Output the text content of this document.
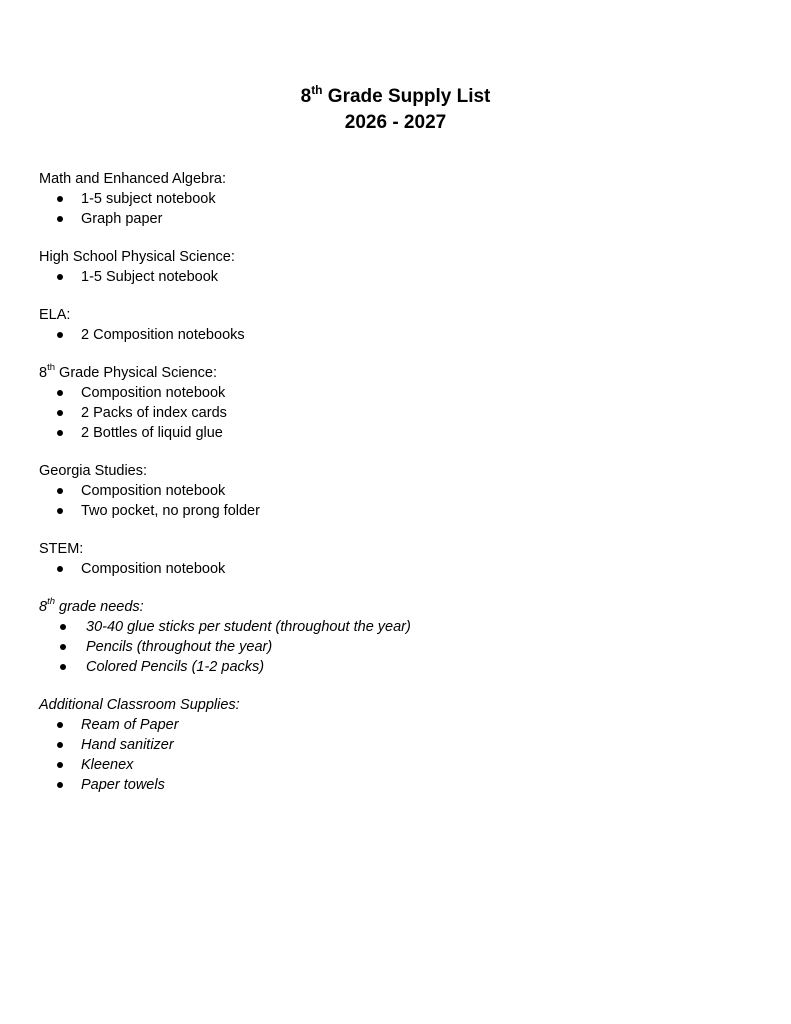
8th Grade Supply List
2026 - 2027
Math and Enhanced Algebra:
1-5 subject notebook
Graph paper
High School Physical Science:
1-5 Subject notebook
ELA:
2 Composition notebooks
8th Grade Physical Science:
Composition notebook
2 Packs of index cards
2 Bottles of liquid glue
Georgia Studies:
Composition notebook
Two pocket, no prong folder
STEM:
Composition notebook
8th grade needs:
30-40 glue sticks per student (throughout the year)
Pencils (throughout the year)
Colored Pencils (1-2 packs)
Additional Classroom Supplies:
Ream of Paper
Hand sanitizer
Kleenex
Paper towels
